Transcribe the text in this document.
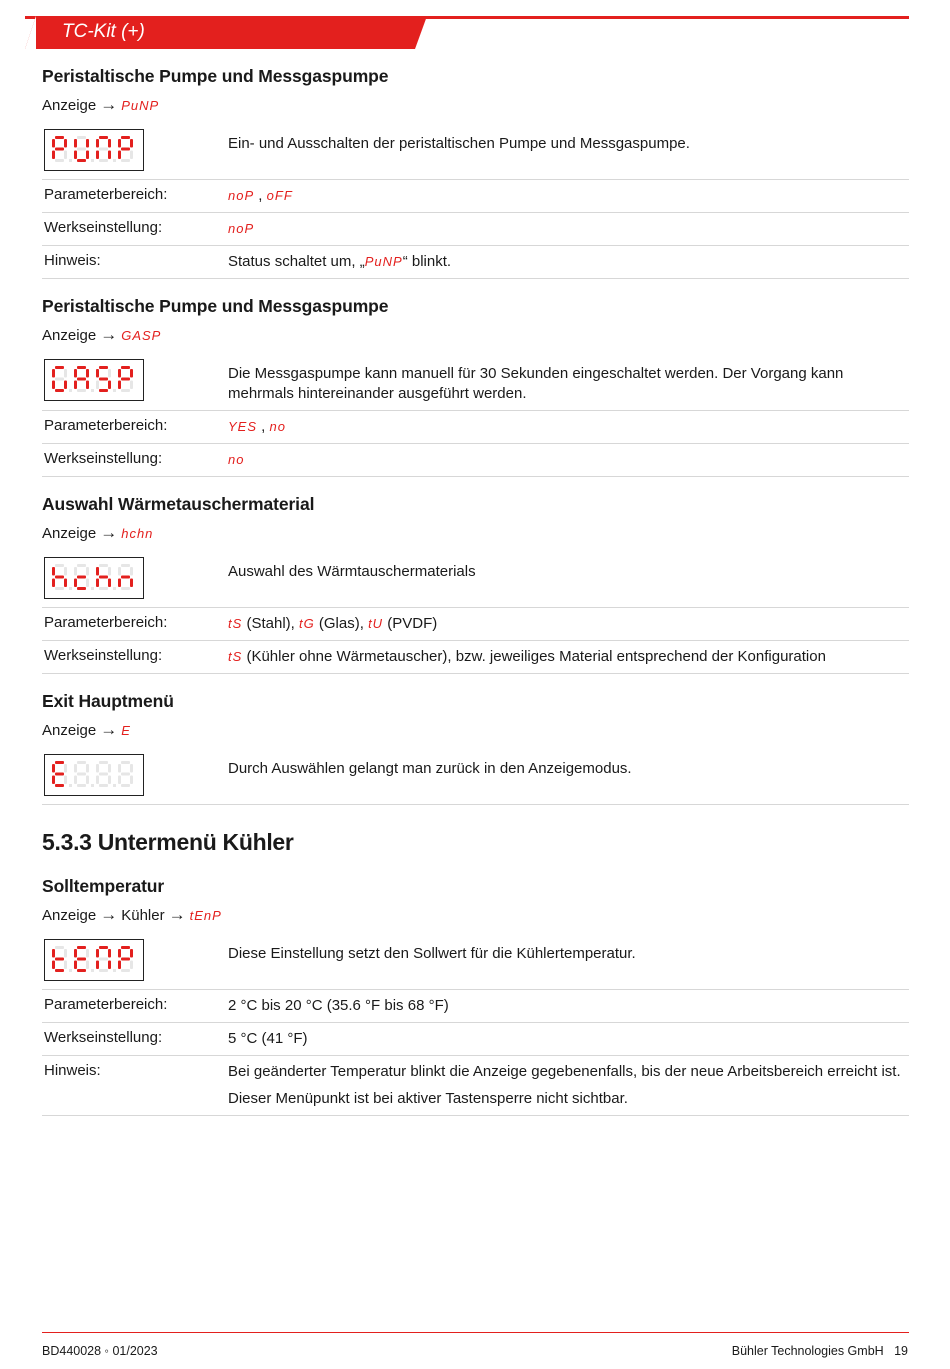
TC-Kit (+)
Peristaltische Pumpe und Messgaspumpe
Anzeige → PuNP
Ein- und Ausschalten der peristaltischen Pumpe und Messgaspumpe.
Parameterbereich:	noP , oFF
Werkseinstellung:	noP
Hinweis:	Status schaltet um, „PuNP“ blinkt.
Peristaltische Pumpe und Messgaspumpe
Anzeige → GASP
Die Messgaspumpe kann manuell für 30 Sekunden eingeschaltet werden. Der Vorgang kann mehrmals hintereinander ausgeführt werden.
Parameterbereich:	YES , no
Werkseinstellung:	no
Auswahl Wärmetauschermaterial
Anzeige → hchn
Auswahl des Wärmtauschermaterials
Parameterbereich:	tS (Stahl), tG (Glas), tU (PVDF)
Werkseinstellung:	tS (Kühler ohne Wärmetauscher), bzw. jeweiliges Material entsprechend der Konfiguration
Exit Hauptmenü
Anzeige → E
Durch Auswählen gelangt man zurück in den Anzeigemodus.
5.3.3 Untermenü Kühler
Solltemperatur
Anzeige → Kühler → tEnP
Diese Einstellung setzt den Sollwert für die Kühlertemperatur.
Parameterbereich:	2 °C bis 20 °C (35.6 °F bis 68 °F)
Werkseinstellung:	5 °C (41 °F)
Hinweis:	Bei geänderter Temperatur blinkt die Anzeige gegebenenfalls, bis der neue Arbeitsbereich erreicht ist.
Dieser Menüpunkt ist bei aktiver Tastensperre nicht sichtbar.
BD440028 ◦ 01/2023	Bühler Technologies GmbH 19
